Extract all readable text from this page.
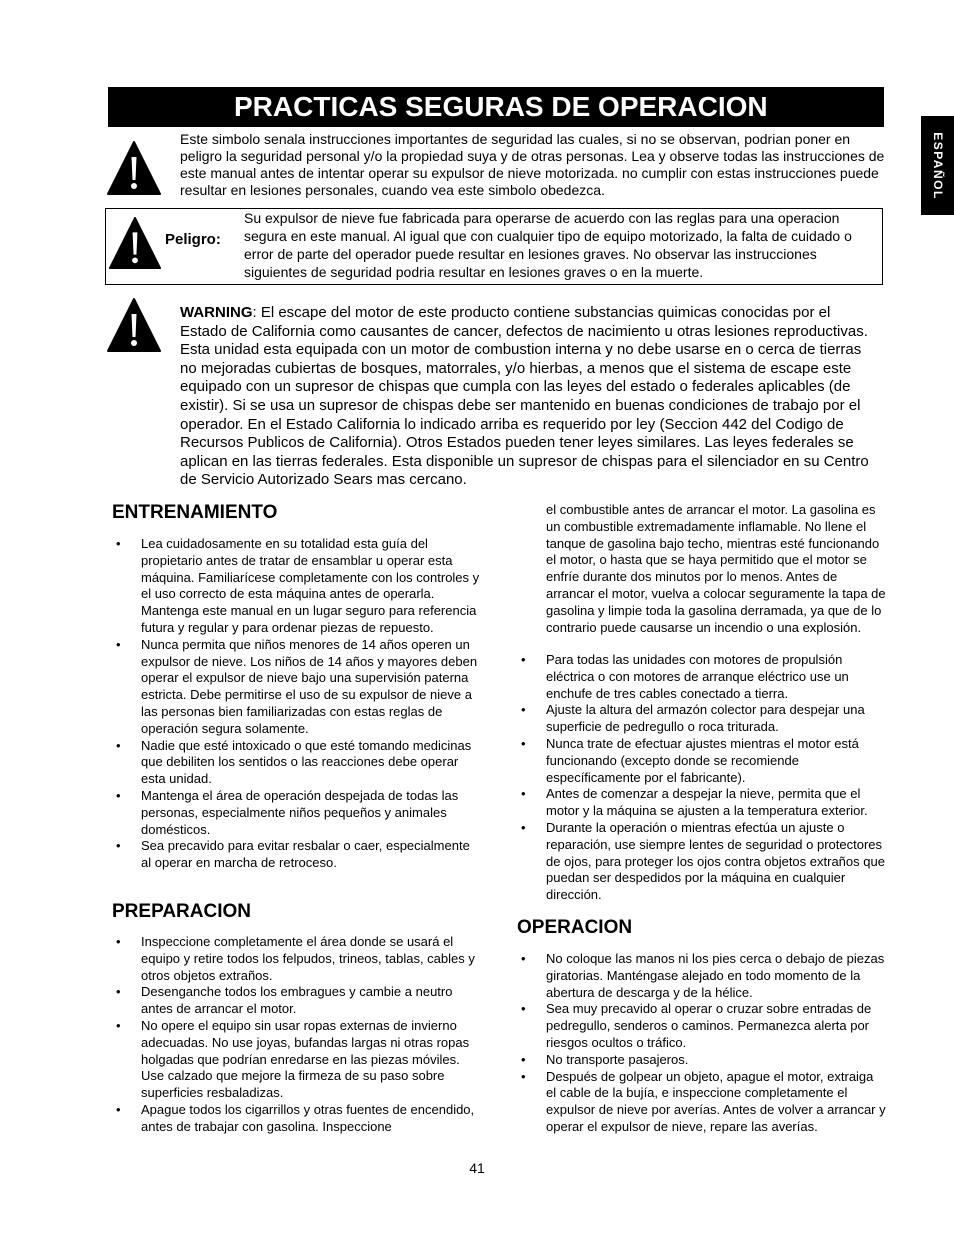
PRACTICAS SEGURAS DE OPERACION
ESPAÑOL

Este simbolo senala instrucciones importantes de seguridad las cuales, si no se observan, podrian poner en peligro la seguridad personal y/o la propiedad suya y de otras personas. Lea y observe todas las instrucciones de este manual antes de intentar operar su expulsor de nieve motorizada. no cumplir con estas instrucciones puede resultar en lesiones personales, cuando vea este simbolo obedezca.

Peligro:

Su expulsor de nieve fue fabricada para operarse de acuerdo con las reglas para una operacion segura en este manual. Al igual que con cualquier tipo de equipo motorizado, la falta de cuidado o error de parte del operador puede resultar en lesiones graves. No observar las instrucciones siguientes de seguridad podria resultar en lesiones graves o en la muerte.

WARNING: El escape del motor de este producto contiene substancias quimicas conocidas por el Estado de California como causantes de cancer, defectos de nacimiento u otras lesiones reproductivas. Esta unidad esta equipada con un motor de combustion interna y no debe usarse en o cerca de tierras no mejoradas cubiertas de bosques, matorrales, y/o hierbas, a menos que el sistema de escape este equipado con un supresor de chispas que cumpla con las leyes del estado o federales aplicables (de existir). Si se usa un supresor de chispas debe ser mantenido en buenas condiciones de trabajo por el operador. En el Estado California lo indicado arriba es requerido por ley (Seccion 442 del Codigo de Recursos Publicos de California). Otros Estados pueden tener leyes similares. Las leyes federales se aplican en las tierras federales. Esta disponible un supresor de chispas para el silenciador en su Centro de Servicio Autorizado Sears mas cercano.

ENTRENAMIENTO
• Lea cuidadosamente en su totalidad esta guía del propietario antes de tratar de ensamblar u operar esta máquina. Familiarícese completamente con los controles y el uso correcto de esta máquina antes de operarla. Mantenga este manual en un lugar seguro para referencia futura y regular y para ordenar piezas de repuesto.
• Nunca permita que niños menores de 14 años operen un expulsor de nieve. Los niños de 14 años y mayores deben operar el expulsor de nieve bajo una supervisión paterna estricta. Debe permitirse el uso de su expulsor de nieve a las personas bien familiarizadas con estas reglas de operación segura solamente.
• Nadie que esté intoxicado o que esté tomando medicinas que debiliten los sentidos o las reacciones debe operar esta unidad.
• Mantenga el área de operación despejada de todas las personas, especialmente niños pequeños y animales domésticos.
• Sea precavido para evitar resbalar o caer, especialmente al operar en marcha de retroceso.
PREPARACION
• Inspeccione completamente el área donde se usará el equipo y retire todos los felpudos, trineos, tablas, cables y otros objetos extraños.
• Desenganche todos los embragues y cambie a neutro antes de arrancar el motor.
• No opere el equipo sin usar ropas externas de invierno adecuadas. No use joyas, bufandas largas ni otras ropas holgadas que podrían enredarse en las piezas móviles. Use calzado que mejore la firmeza de su paso sobre superficies resbaladizas.
• Apague todos los cigarrillos y otras fuentes de encendido, antes de trabajar con gasolina. Inspeccione

el combustible antes de arrancar el motor. La gasolina es un combustible extremadamente inflamable. No llene el tanque de gasolina bajo techo, mientras esté funcionando el motor, o hasta que se haya permitido que el motor se enfríe durante dos minutos por lo menos. Antes de arrancar el motor, vuelva a colocar seguramente la tapa de gasolina y limpie toda la gasolina derramada, ya que de lo contrario puede causarse un incendio o una explosión.

• Para todas las unidades con motores de propulsión eléctrica o con motores de arranque eléctrico use un enchufe de tres cables conectado a tierra.
• Ajuste la altura del armazón colector para despejar una superficie de pedregullo o roca triturada.
• Nunca trate de efectuar ajustes mientras el motor está funcionando (excepto donde se recomiende específicamente por el fabricante).
• Antes de comenzar a despejar la nieve, permita que el motor y la máquina se ajusten a la temperatura exterior.
• Durante la operación o mientras efectúa un ajuste o reparación, use siempre lentes de seguridad o protectores de ojos, para proteger los ojos contra objetos extraños que puedan ser despedidos por la máquina en cualquier dirección.
OPERACION
• No coloque las manos ni los pies cerca o debajo de piezas giratorias. Manténgase alejado en todo momento de la abertura de descarga y de la hélice.
• Sea muy precavido al operar o cruzar sobre entradas de pedregullo, senderos o caminos. Permanezca alerta por riesgos ocultos o tráfico.
• No transporte pasajeros.
• Después de golpear un objeto, apague el motor, extraiga el cable de la bujía, e inspeccione completamente el expulsor de nieve por averías. Antes de volver a arrancar y operar el expulsor de nieve, repare las averías.
41
